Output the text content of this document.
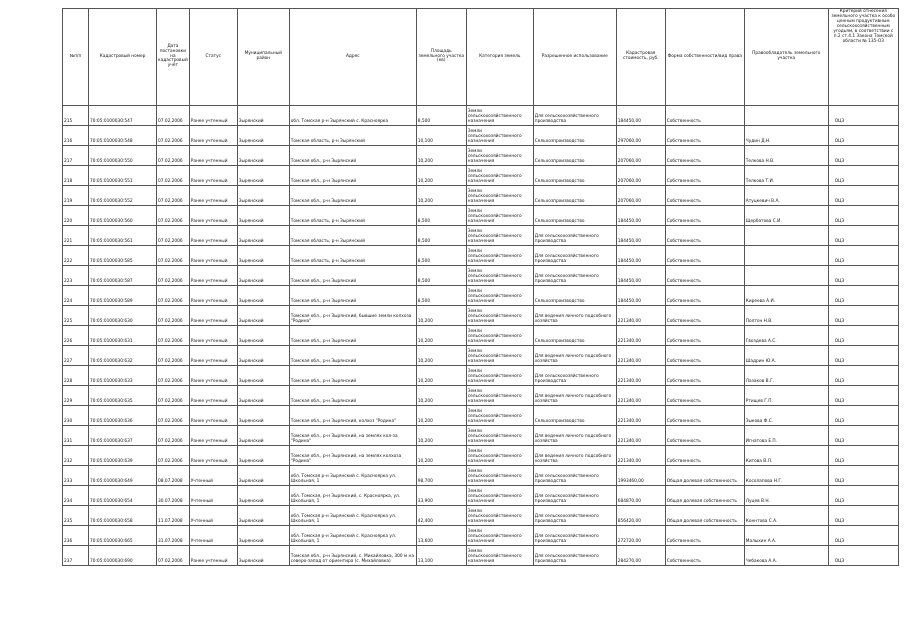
№п/п	Кадастровый номер	Дата постановки на кадастровый учёт	Статус	Муниципальный район	Адрес	Площадь земельного участка (кв)	Категория земель	Разрешенное использование	Кадастровая стоимость, руб.	Форма собственности/вид права	Правообладатель земельного участка	Критерий отнесения земельного участка к особо ценным продуктивным сельскохозяйственным угодьям, в соответствии с п.2 ст.4.1 Закона Томской области № 135-ОЗ
215	70:05:0100030:547	07.02.2006	Ранее учтенный	Зырянский	обл. Томская р-н Зырянский с. Красноярка	8,500	Земли сельскохозяйственного назначения	Для сельскохозяйственного производства	184450,00	Собственность		ОЦЗ
216	70:05:0100030:548	07.02.2006	Ранее учтенный	Зырянский	Томская область, р-н Зырянский	10,100	Земли сельскохозяйственного назначения	Сельхозпроизводство	297060,00	Собственность	Чудин Д.Н.	ОЦЗ
217	70:05:0100030:550	07.02.2006	Ранее учтенный	Зырянский	Томская обл., р-н Зырянский	10,200	Земли сельскохозяйственного назначения	Сельхозпроизводство	207060,00	Собственность	Телкова Н.В.	ОЦЗ
218	70:05:0100030:551	07.02.2006	Ранее учтенный	Зырянский	Томская обл., р-н Зырянский	10,200	Земли сельскохозяйственного назначения	Сельхозпроизводство	207060,00	Собственность	Телкова Т.И.	ОЦЗ
219	70:05:0100030:552	07.02.2006	Ранее учтенный	Зырянский	Томская обл., р-н Зырянский	10,200	Земли сельскохозяйственного назначения	Сельхозпроизводство	207060,00	Собственность	Атуцкевич В.А.	ОЦЗ
220	70:05:0100030:560	07.02.2006	Ранее учтенный	Зырянский	Томская область, р-н Зырянский	8,500	Земли сельскохозяйственного назначения	Сельхозпроизводство	184450,00	Собственность	Щербатова С.И.	ОЦЗ
221	70:05:0100030:561	07.02.2006	Ранее учтенный	Зырянский	Томская область, р-н Зырянский	8,500	Земли сельскохозяйственного назначения	Для сельскохозяйственного производства	184450,00	Собственность		ОЦЗ
222	70:05:0100030:585	07.02.2006	Ранее учтенный	Зырянский	Томская область, р-н Зырянский	8,500	Земли сельскохозяйственного назначения	Для сельскохозяйственного производства	184450,00	Собственность		ОЦЗ
223	70:05:0100030:587	07.02.2006	Ранее учтенный	Зырянский	Томская обл., р-н Зырянский	8,500	Земли сельскохозяйственного назначения	Для сельскохозяйственного производства	184450,00	Собственность		ОЦЗ
224	70:05:0100030:589	07.02.2006	Ранее учтенный	Зырянский	Томская обл., р-н Зырянский	8,500	Земли сельскохозяйственного назначения	Сельхозпроизводство	184450,00	Собственность	Киреева А.И.	ОЦЗ
225	70:05:0100030:630	07.02.2006	Ранее учтенный	Зырянский	Томская обл., р-н Зырянский, бывшие земли колхоза "Родина"	10,200	Земли сельскохозяйственного назначения	Для ведения личного подсобного хозяйства	221340,00	Собственность	Полтон Н.В.	ОЦЗ
226	70:05:0100030:631	07.02.2006	Ранее учтенный	Зырянский	Томская обл., р-н Зырянский	10,200	Земли сельскохозяйственного назначения	Сельхозпроизводство	221340,00	Собственность	Гвоздева А.С.	ОЦЗ
227	70:05:0100030:632	07.02.2006	Ранее учтенный	Зырянский	Томская обл., р-н Зырянский	10,200	Земли сельскохозяйственного назначения	Для ведения личного подсобного хозяйства	221340,00	Собственность	Шадрин Ю.А.	ОЦЗ
228	70:05:0100030:633	07.02.2006	Ранее учтенный	Зырянский	Томская обл., р-н Зырянский	10,200	Земли сельскохозяйственного назначения	Для сельскохозяйственного производства	221340,00	Собственность	Лазаков В.Г.	ОЦЗ
229	70:05:0100030:635	07.02.2006	Ранее учтенный	Зырянский	Томская обл., р-н Зырянский	10,200	Земли сельскохозяйственного назначения	Для ведения личного подсобного хозяйства	221340,00	Собственность	Ртищев Г.П.	ОЦЗ
230	70:05:0100030:636	07.02.2006	Ранее учтенный	Зырянский	Томская обл., р-н Зырянский, колхоз "Родина"	10,200	Земли сельскохозяйственного назначения	Сельхозпроизводство	221340,00	Собственность	Зыкова Ф.С.	ОЦЗ
231	70:05:0100030:637	07.02.2006	Ранее учтенный	Зырянский	Томская обл., р-н Зырянский, на землях кол-за "Родина"	10,200	Земли сельскохозяйственного назначения	Для ведения личного подсобного хозяйства	221340,00	Собственность	Игнатова Е.П.	ОЦЗ
232	70:05:0100030:639	07.02.2006	Ранее учтенный	Зырянский	Томская обл., р-н Зырянский, на землях колхоза "Родина"	10,200	Земли сельскохозяйственного назначения	Для ведения личного подсобного хозяйства	221340,00	Собственность	Китова В.Л.	ОЦЗ
233	70:05:0100030:649	08.07.2008	Учтенный	Зырянский	обл. Томская р-н Зырянский с. Красноярка ул. Школьная, 1	98,700	Земли сельскохозяйственного назначения	Для сельскохозяйственного производства	1993460,00	Общая долевая собственность	Косолапова Н.Г.	ОЦЗ
234	70:05:0100030:654	30.07.2008	Учтенный	Зырянский	обл. Томская, р-н Зырянский, с. Красноярка, ул. Школьная, 1	33,900	Земли сельскохозяйственного назначения	Для сельскохозяйственного производства	684870,00	Общая долевая собственность	Луцев В.Н.	ОЦЗ
235	70:05:0100030:658	11.07.2008	Учтенный	Зырянский	обл. Томская р-н Зырянский с. Красноярка ул. Школьная, 1	42,400	Земли сельскохозяйственного назначения	Для сельскохозяйственного производства	856420,00	Общая долевая собственность	Коннтова С.А.	ОЦЗ
236	70:05:0100030:665	31.07.2008	Учтенный	Зырянский	обл. Томская р-н Зырянский с. Красноярка ул. Школьная, 1	13,600	Земли сельскохозяйственного назначения	Для сельскохозяйственного производства	272720,00	Собственность	Малыхин А.А.	ОЦЗ
237	70:05:0100030:690	07.02.2006	Ранее учтенный	Зырянский	Томская обл., р-н Зырянский, с. Михайловка, 300 м на северо-запад от ориентира (с. Михайловка)	13,100	Земли сельскохозяйственного назначения	Для сельскохозяйственного производства	284270,00	Собственность	Чебакова А.А.	ОЦЗ
